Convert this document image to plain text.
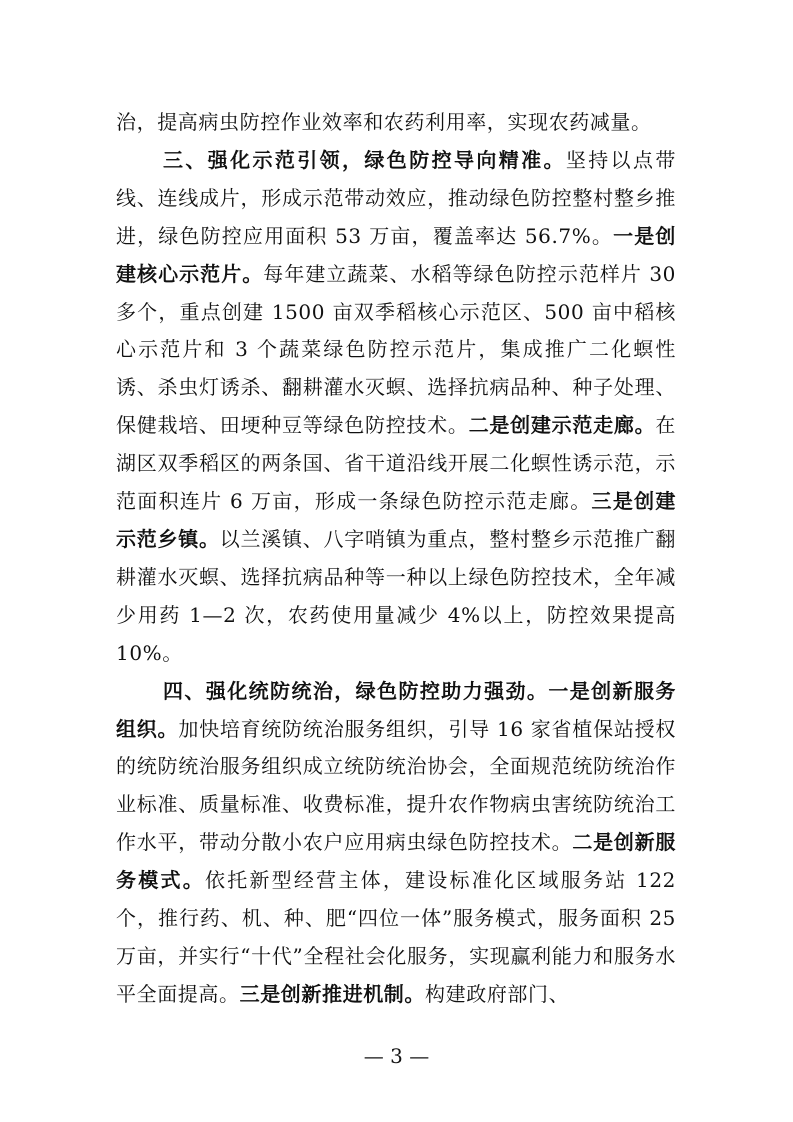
治，提高病虫防控作业效率和农药利用率，实现农药减量。

三、强化示范引领，绿色防控导向精准。坚持以点带线、连线成片，形成示范带动效应，推动绿色防控整村整乡推进，绿色防控应用面积 53 万亩，覆盖率达 56.7%。一是创建核心示范片。每年建立蔬菜、水稻等绿色防控示范样片 30 多个，重点创建 1500 亩双季稻核心示范区、500 亩中稻核心示范片和 3 个蔬菜绿色防控示范片，集成推广二化螟性诱、杀虫灯诱杀、翻耕灌水灭螟、选择抗病品种、种子处理、保健栽培、田埂种豆等绿色防控技术。二是创建示范走廊。在湖区双季稻区的两条国、省干道沿线开展二化螟性诱示范，示范面积连片 6 万亩，形成一条绿色防控示范走廊。三是创建示范乡镇。以兰溪镇、八字哨镇为重点，整村整乡示范推广翻耕灌水灭螟、选择抗病品种等一种以上绿色防控技术，全年减少用药 1—2 次，农药使用量减少 4%以上，防控效果提高 10%。

四、强化统防统治，绿色防控助力强劲。一是创新服务组织。加快培育统防统治服务组织，引导 16 家省植保站授权的统防统治服务组织成立统防统治协会，全面规范统防统治作业标准、质量标准、收费标准，提升农作物病虫害统防统治工作水平，带动分散小农户应用病虫绿色防控技术。二是创新服务模式。依托新型经营主体，建设标准化区域服务站 122 个，推行药、机、种、肥“四位一体”服务模式，服务面积 25 万亩，并实行“十代”全程社会化服务，实现赢利能力和服务水平全面提高。三是创新推进机制。构建政府部门、

— 3 —
